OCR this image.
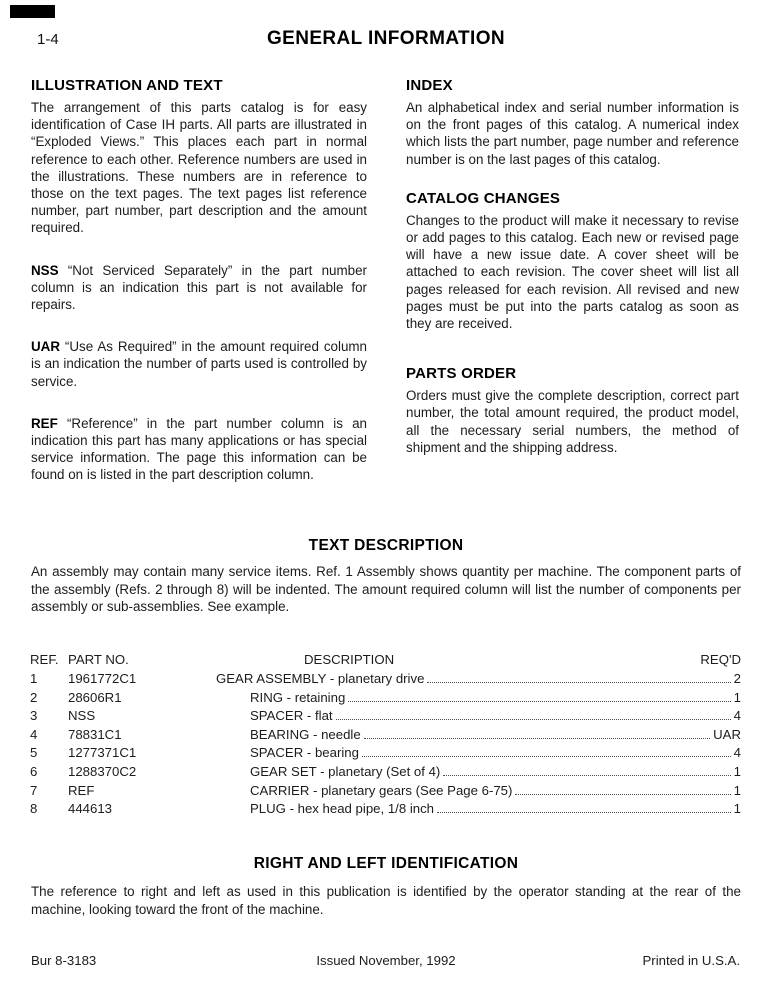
1-4	GENERAL INFORMATION
ILLUSTRATION AND TEXT

The arrangement of this parts catalog is for easy identification of Case IH parts. All parts are illustrated in “Exploded Views.” This places each part in normal reference to each other. Reference numbers are used in the illustrations. These numbers are in reference to those on the text pages. The text pages list reference number, part number, part description and the amount required.

NSS “Not Serviced Separately” in the part number column is an indication this part is not available for repairs.

UAR “Use As Required” in the amount required column is an indication the number of parts used is controlled by service.

REF “Reference” in the part number column is an indication this part has many applications or has special service information. The page this information can be found on is listed in the part description column.

INDEX

An alphabetical index and serial number information is on the front pages of this catalog. A numerical index which lists the part number, page number and reference number is on the last pages of this catalog.

CATALOG CHANGES

Changes to the product will make it necessary to revise or add pages to this catalog. Each new or revised page will have a new issue date. A cover sheet will be attached to each revision. The cover sheet will list all pages released for each revision. All revised and new pages must be put into the parts catalog as soon as they are received.

PARTS ORDER

Orders must give the complete description, correct part number, the total amount required, the product model, all the necessary serial numbers, the method of shipment and the shipping address.

TEXT DESCRIPTION

An assembly may contain many service items. Ref. 1 Assembly shows quantity per machine. The component parts of the assembly (Refs. 2 through 8) will be indented. The amount required column will list the number of components per assembly or sub-assemblies. See example.

REF. PART NO.	DESCRIPTION	REQ'D
1	1961772C1	GEAR ASSEMBLY - planetary drive	2
2	28606R1	RING - retaining	1
3	NSS	SPACER - flat	4
4	78831C1	BEARING - needle	UAR
5	1277371C1	SPACER - bearing	4
6	1288370C2	GEAR SET - planetary (Set of 4)	1
7	REF	CARRIER - planetary gears (See Page 6-75)	1
8	444613	PLUG - hex head pipe, 1/8 inch	1
RIGHT AND LEFT IDENTIFICATION

The reference to right and left as used in this publication is identified by the operator standing at the rear of the machine, looking toward the front of the machine.

Bur 8-3183	Issued November, 1992	Printed in U.S.A.
